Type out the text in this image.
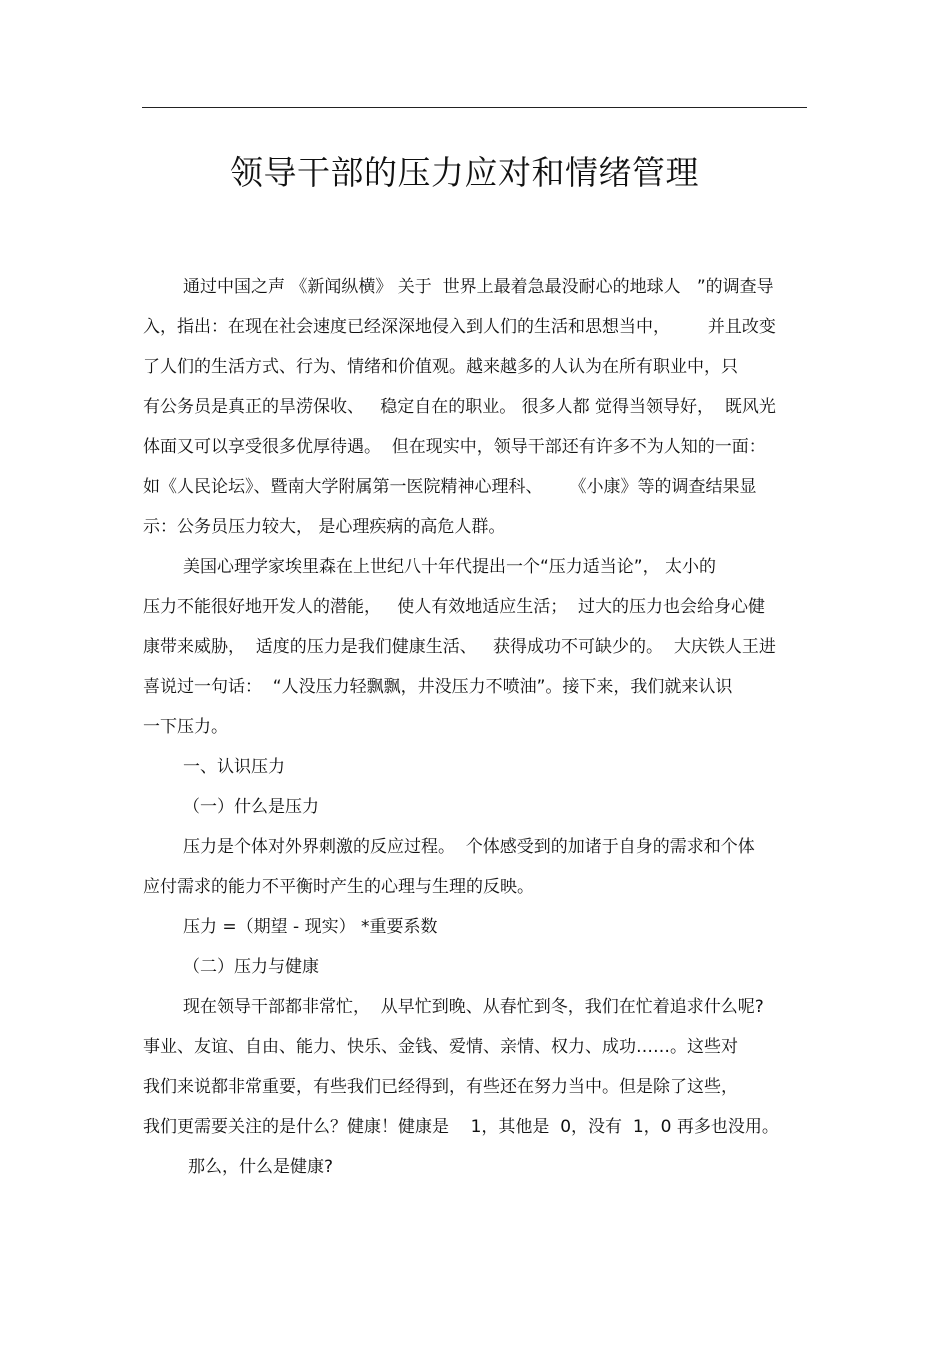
领导干部的压力应对和情绪管理
通过中国之声 《新闻纵横》 关于  世界上最着急最没耐心的地球人   ”的调查导
入，指出：在现在社会速度已经深深地侵入到人们的生活和思想当中，       并且改变
了人们的生活方式、行为、情绪和价值观。越来越多的人认为在所有职业中，只
有公务员是真正的旱涝保收、   稳定自在的职业。 很多人都 觉得当领导好，  既风光
体面又可以享受很多优厚待遇。  但在现实中，领导干部还有许多不为人知的一面：
如《人民论坛》、暨南大学附属第一医院精神心理科、     《小康》等的调查结果显
示：公务员压力较大， 是心理疾病的高危人群。
美国心理学家埃里森在上世纪八十年代提出一个“压力适当论”， 太小的
压力不能很好地开发人的潜能，   使人有效地适应生活；  过大的压力也会给身心健
康带来威胁，  适度的压力是我们健康生活、   获得成功不可缺少的。  大庆铁人王进
喜说过一句话：  “人没压力轻飘飘，井没压力不喷油”。接下来，我们就来认识
一下压力。
一、认识压力
（一）什么是压力
压力是个体对外界刺激的反应过程。  个体感受到的加诸于自身的需求和个体
应付需求的能力不平衡时产生的心理与生理的反映。
压力 =（期望 - 现实） *重要系数
（二）压力与健康
现在领导干部都非常忙，  从早忙到晚、从春忙到冬，我们在忙着追求什么呢?
事业、友谊、自由、能力、快乐、金钱、爱情、亲情、权力、成功……。这些对
我们来说都非常重要，有些我们已经得到，有些还在努力当中。但是除了这些，
我们更需要关注的是什么？健康！健康是    1，其他是  0，没有  1，0 再多也没用。
那么，什么是健康?
